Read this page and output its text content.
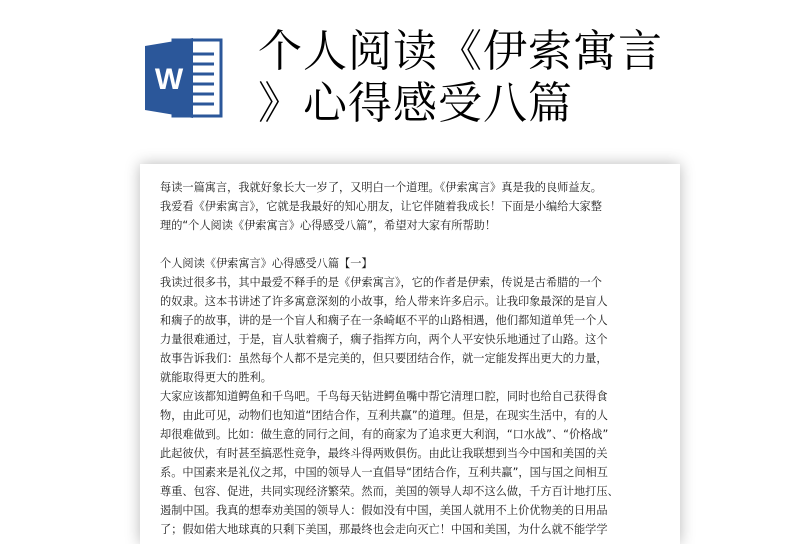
W
个人阅读《伊索寓言
》心得感受八篇

每读一篇寓言，我就好象长大一岁了，又明白一个道理。《伊索寓言》真是我的良师益友。
我爱看《伊索寓言》，它就是我最好的知心朋友，让它伴随着我成长！下面是小编给大家整
理的“个人阅读《伊索寓言》心得感受八篇”，希望对大家有所帮助！

个人阅读《伊索寓言》心得感受八篇【一】

我读过很多书，其中最爱不释手的是《伊索寓言》，它的作者是伊索，传说是古希腊的一个
的奴隶。这本书讲述了许多寓意深刻的小故事，给人带来许多启示。让我印象最深的是盲人
和瘸子的故事，讲的是一个盲人和瘸子在一条崎岖不平的山路相遇，他们都知道单凭一个人
力量很难通过，于是，盲人驮着瘸子，瘸子指挥方向，两个人平安快乐地通过了山路。这个
故事告诉我们：虽然每个人都不是完美的，但只要团结合作，就一定能发挥出更大的力量，
就能取得更大的胜利。

大家应该都知道鳄鱼和千鸟吧。千鸟每天钻进鳄鱼嘴中帮它清理口腔，同时也给自己获得食
物，由此可见，动物们也知道“团结合作，互利共赢”的道理。但是，在现实生活中，有的人
却很难做到。比如：做生意的同行之间，有的商家为了追求更大利润，“口水战”、“价格战”
此起彼伏，有时甚至搞恶性竞争，最终斗得两败俱伤。由此让我联想到当今中国和美国的关
系。中国素来是礼仪之邦，中国的领导人一直倡导“团结合作，互利共赢”，国与国之间相互
尊重、包容、促进，共同实现经济繁荣。然而，美国的领导人却不这么做，千方百计地打压、
遏制中国。我真的想奉劝美国的领导人：假如没有中国，美国人就用不上价优物美的日用品
了；假如偌大地球真的只剩下美国，那最终也会走向灭亡！中国和美国，为什么就不能学学
